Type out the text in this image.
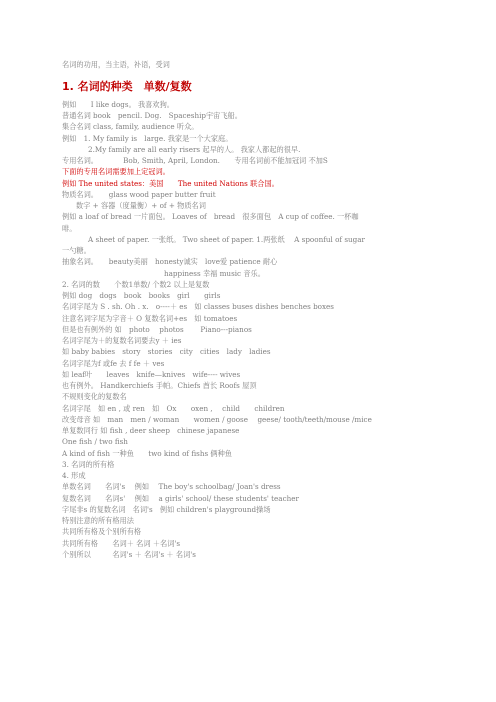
名词的功用，当主语，补语，受词
1. 名词的种类　单数/复数
例如　　I like dogs。 我喜欢狗。
普通名词 book　pencil. Dog.　Spaceship宇宙飞船。
集合名词 class, family, audience 听众。
例如　1. My family is　large. 我家是一个大家庭。
2.My family are all early risers 起早的人。 我家人都起的很早.
专用名词。　　　　Bob, Smith, April, London.　　专用名词前不能加冠词 不加S
下面的专用名词需要加上定冠词。
例如 The united states：美国　　The united Nations 联合国。
物质名词。　　glass wood paper butter fruit
数字 + 容器（度量衡）+ of + 物质名词
例如 a loaf of bread 一片面包。 Loaves of　bread　很多面包　A cup of coffee. 一杯咖
啡。
A sheet of paper. 一张纸。 Two sheet of paper. 1.两张纸　 A spoonful of sugar
一勺糖。
抽象名词。　　beauty美丽　honesty诚实　love爱 patience 耐心
happiness 幸福 music 音乐。
2. 名词的数　　个数1单数/ 个数2 以上是复数
例如 dog　dogs　book　books　girl　　girls
名词字尾为 S . sh. Oh . x.　o----＋ es　如 classes buses dishes benches boxes
注意名词字尾为字音＋ O 复数名词+es　如 tomatoes
但是也有例外的 如　photo　 photos　　 Piano---pianos
名词字尾为＋的复数名词要去y ＋ ies
如 baby babies　story　stories　city　cities　lady　ladies
名词字尾为f 或fe 去 f fe ＋ ves
如 leaf叶　　leaves　knife—knives　wife---- wives
也有例外。 Handkerchiefs 手帕。Chiefs 酋长 Roofs 屋顶
不规则变化的复数名
名词字尾　如 en , 或 ren　如　Ox　　oxen ,　 child　　children
改变母音 如　man　men / woman　　women / goose　 geese/ tooth/teeth/mouse /mice
单复数同行 如 fish , deer sheep　chinese japanese
One fish / two fish
A kind of fish 一种鱼　　two kind of fishs 俩种鱼
3. 名词的所有格
4. 形成
单数名词　　名词's　 例如　 The boy's schoolbag/ Joan's dress
复数名词　　名词s'　 例如　 a girls' school/ these students' teacher
字尾非s 的复数名词　名词's　例如 children's playground操场
特别注意的所有格用法
共同所有格及个别所有格
共同所有格　　名词＋ 名词 ＋名词's
个别所以　　　名词's ＋ 名词's ＋ 名词's
